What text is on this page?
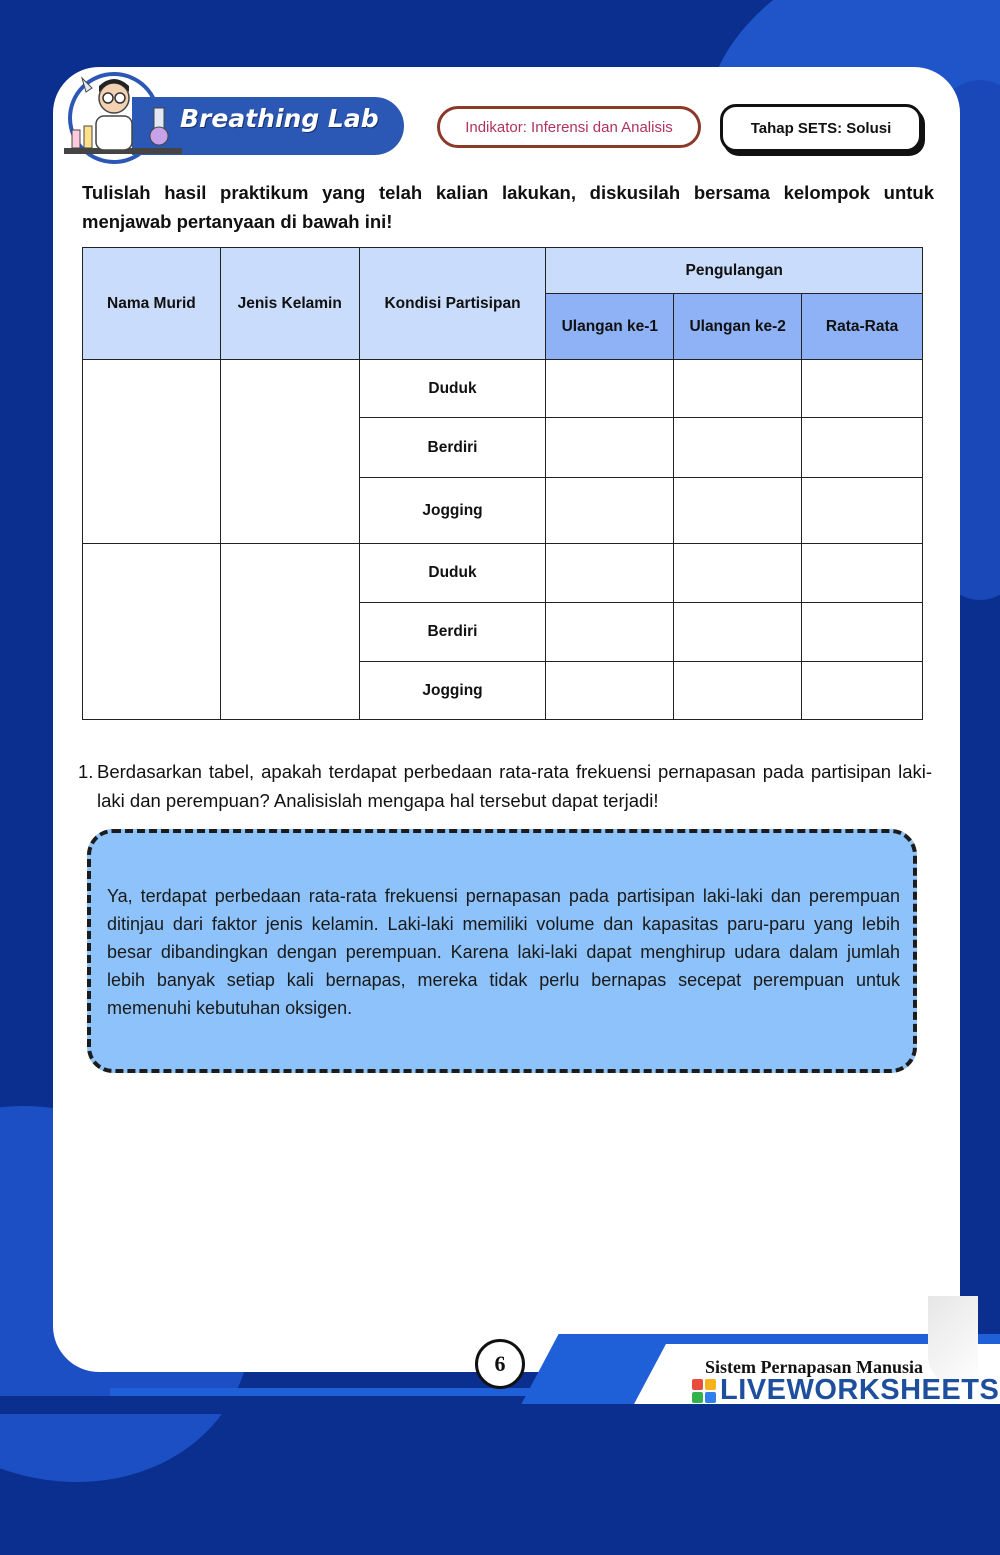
Breathing Lab	Indikator: Inferensi dan Analisis	Tahap SETS: Solusi
Tulislah hasil praktikum yang telah kalian lakukan, diskusilah bersama kelompok untuk menjawab pertanyaan di bawah ini!
Nama Murid	Jenis Kelamin	Kondisi Partisipan	Pengulangan		
			Ulangan ke-1	Ulangan ke-2	Rata-Rata
		Duduk			
		Berdiri			
		Jogging			
		Duduk			
		Berdiri			
		Jogging			
1. Berdasarkan tabel, apakah terdapat perbedaan rata-rata frekuensi pernapasan pada partisipan laki-laki dan perempuan? Analisislah mengapa hal tersebut dapat terjadi!
Ya, terdapat perbedaan rata-rata frekuensi pernapasan pada partisipan laki-laki dan perempuan ditinjau dari faktor jenis kelamin. Laki-laki memiliki volume dan kapasitas paru-paru yang lebih besar dibandingkan dengan perempuan. Karena laki-laki dapat menghirup udara dalam jumlah lebih banyak setiap kali bernapas, mereka tidak perlu bernapas secepat perempuan untuk memenuhi kebutuhan oksigen.
6	Sistem Pernapasan Manusia
LIVEWORKSHEETS
